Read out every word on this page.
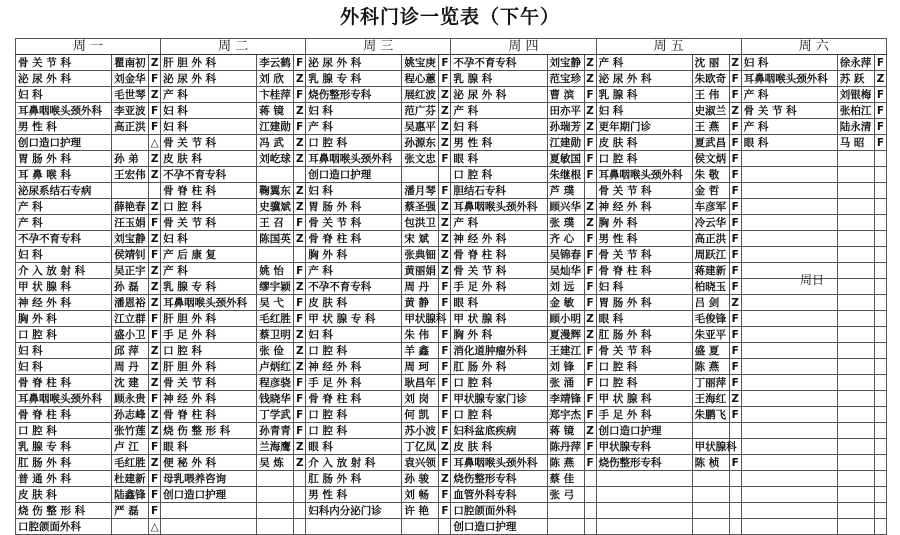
外科门诊一览表（下午）
周 一			周 二			周 三			周 四			周 五			周 六		
骨 关 节 科	瞿南初	Z	肝 胆 外 科	李云鹤	F	泌 尿 外 科	姚宝庚	F	不孕不育专科	刘宝静	Z	产 科	沈 丽	Z	妇 科	徐永萍	F
泌 尿 外 科	刘金华	F	泌 尿 外 科	刘 欣	Z	乳 腺 专 科	程心蕙	F	乳 腺 科	范宝珍	Z	泌 尿 外 科	朱欧奇	F	耳鼻咽喉头颈外科	苏 跃	Z
妇 科	毛世琴	Z	产 科	卞桂萍	F	烧伤整形专科	展红波	Z	泌 尿 外 科	曹 滨	F	乳 腺 科	王 伟	F	产 科	刘银梅	F
耳鼻咽喉头颈外科	李亚波	F	妇 科	蒋 镜	Z	妇 科	范广芬	Z	产 科	田亦平	Z	妇 科	史淑兰	Z	骨 关 节 科	张柏江	F
男 性 科	高正洪	F	妇 科	江建勋	F	产 科	吴惠平	Z	妇 科	孙瑞芳	Z	更年期门诊	王 燕	F	产 科	陆永清	F
创口造口护理		△	骨 关 节 科	冯 武	Z	口 腔 科	孙源东	Z	男 性 科	江建勋	F	皮 肤 科	夏武昌	F	眼 科	马 昭	F
胃 肠 外 科	孙 弟	Z	皮 肤 科	刘屹球	Z	耳鼻咽喉头颈外科	张文忠	F	眼 科	夏敏国	F	口 腔 科	侯文炳	F			
耳 鼻 喉 科	王宏伟	Z	不孕不育专科			创口造口护理			口 腔 科	朱继根	F	耳鼻咽喉头颈外科	朱 敬	F			
泌尿系结石专病			骨 脊 柱 科	鞠翼东	Z	妇 科	潘月琴	F	胆结石专科	芦 璞		骨 关 节 科	金 哲	F			
产 科	薛艳春	Z	口 腔 科	史骥斌	Z	胃 肠 外 科	蔡圣强	Z	耳鼻咽喉头颈外科	顾兴华	Z	神 经 外 科	车彦军	F			
产 科	汪玉娟	F	骨 关 节 科	王 召	F	骨 关 节 科	包洪卫	Z	产 科	张 璞	Z	胸 外 科	冷云华	F			
不孕不育专科	刘宝静	Z	妇 科	陈国英	Z	骨 脊 柱 科	宋 斌	Z	神 经 外 科	齐 心	F	男 性 科	高正洪	F			
妇 科	侯靖钊	F	产 后 康 复			胸 外 科	张典钿	Z	骨 脊 柱 科	吴锦春	F	骨 关 节 科	周跃江	F			
介 入 放 射 科	吴正宇	Z	产 科	姚 怡	F	产 科	黄丽娟	Z	骨 关 节 科	吴灿华	F	骨 脊 柱 科	蒋建新	F			
甲 状 腺 科	孙 磊	Z	乳 腺 专 科	缪宇颖	Z	不孕不育专科	周 丹	F	手 足 外 科	刘 远	F	妇 科	柏晓玉	F			
神 经 外 科	潘恩裕	Z	耳鼻咽喉头颈外科	吴 弋	F	皮 肤 科	黄 静	F	眼 科	金 敏	F	胃 肠 外 科	吕 剑	Z			
胸 外 科	江立群	F	肝 胆 外 科	毛红胜	F	甲 状 腺 专 科	甲状腺科		甲 状 腺 科	顾小明	Z	眼 科	毛俊锋	F			
口 腔 科	盛小卫	F	手 足 外 科	蔡卫明	Z	妇 科	朱 伟	F	胸 外 科	夏漫辉	Z	肛 肠 外 科	朱亚平	F			
妇 科	邱 萍	Z	口 腔 科	张 俭	Z	口 腔 科	羊 鑫	F	消化道肿瘤外科	王建江	F	骨 关 节 科	盛 夏	F			
妇 科	周 丹	Z	肝 胆 外 科	卢炳红	Z	神 经 外 科	周 珂	F	肛 肠 外 科	刘 锋	F	口 腔 科	陈 燕	F			
骨 脊 柱 科	沈 建	Z	骨 关 节 科	程彦骁	F	手 足 外 科	耿昌年	F	口 腔 科	张 涌	F	口 腔 科	丁丽萍	F			
耳鼻咽喉头颈外科	顾永贵	F	神 经 外 科	钱晓华	F	骨 脊 柱 科	刘 岗	F	甲状腺专家门诊	李靖锋	F	甲 状 腺 科	王海红	Z			
骨 脊 柱 科	孙志峰	Z	骨 脊 柱 科	丁学武	F	口 腔 科	何 凯	F	口 腔 科	郑宇杰	F	手 足 外 科	朱鹏飞	F			
口 腔 科	张竹莲	Z	烧 伤 整 形 科	孙青青	F	口 腔 科	苏小波	F	妇科盆底疾病	蒋 镜	Z	创口造口护理					
乳 腺 专 科	卢 江	F	眼 科	兰海鹰	Z	眼 科	丁亿凤	Z	皮 肤 科	陈丹萍	F	甲状腺专科	甲状腺科				
肛 肠 外 科	毛红胜	Z	便 秘 外 科	吴 炼	Z	介 入 放 射 科	袁兴领	F	耳鼻咽喉头颈外科	陈 燕	F	烧伤整形专科	陈 桢	F			
普 通 外 科	杜建新	F	母乳喂养咨询			肛 肠 外 科	孙 骏	Z	烧伤整形专科	蔡 佳							
皮 肤 科	陆鑫锋	F	创口造口护理			男 性 科	刘 畅	F	血管外科专科	张 弓							
烧 伤 整 形 科	严 磊	F				妇科内分泌门诊	许 艳	F	口腔颌面外科								
口腔颌面外科		△							创口造口护理								
周日
